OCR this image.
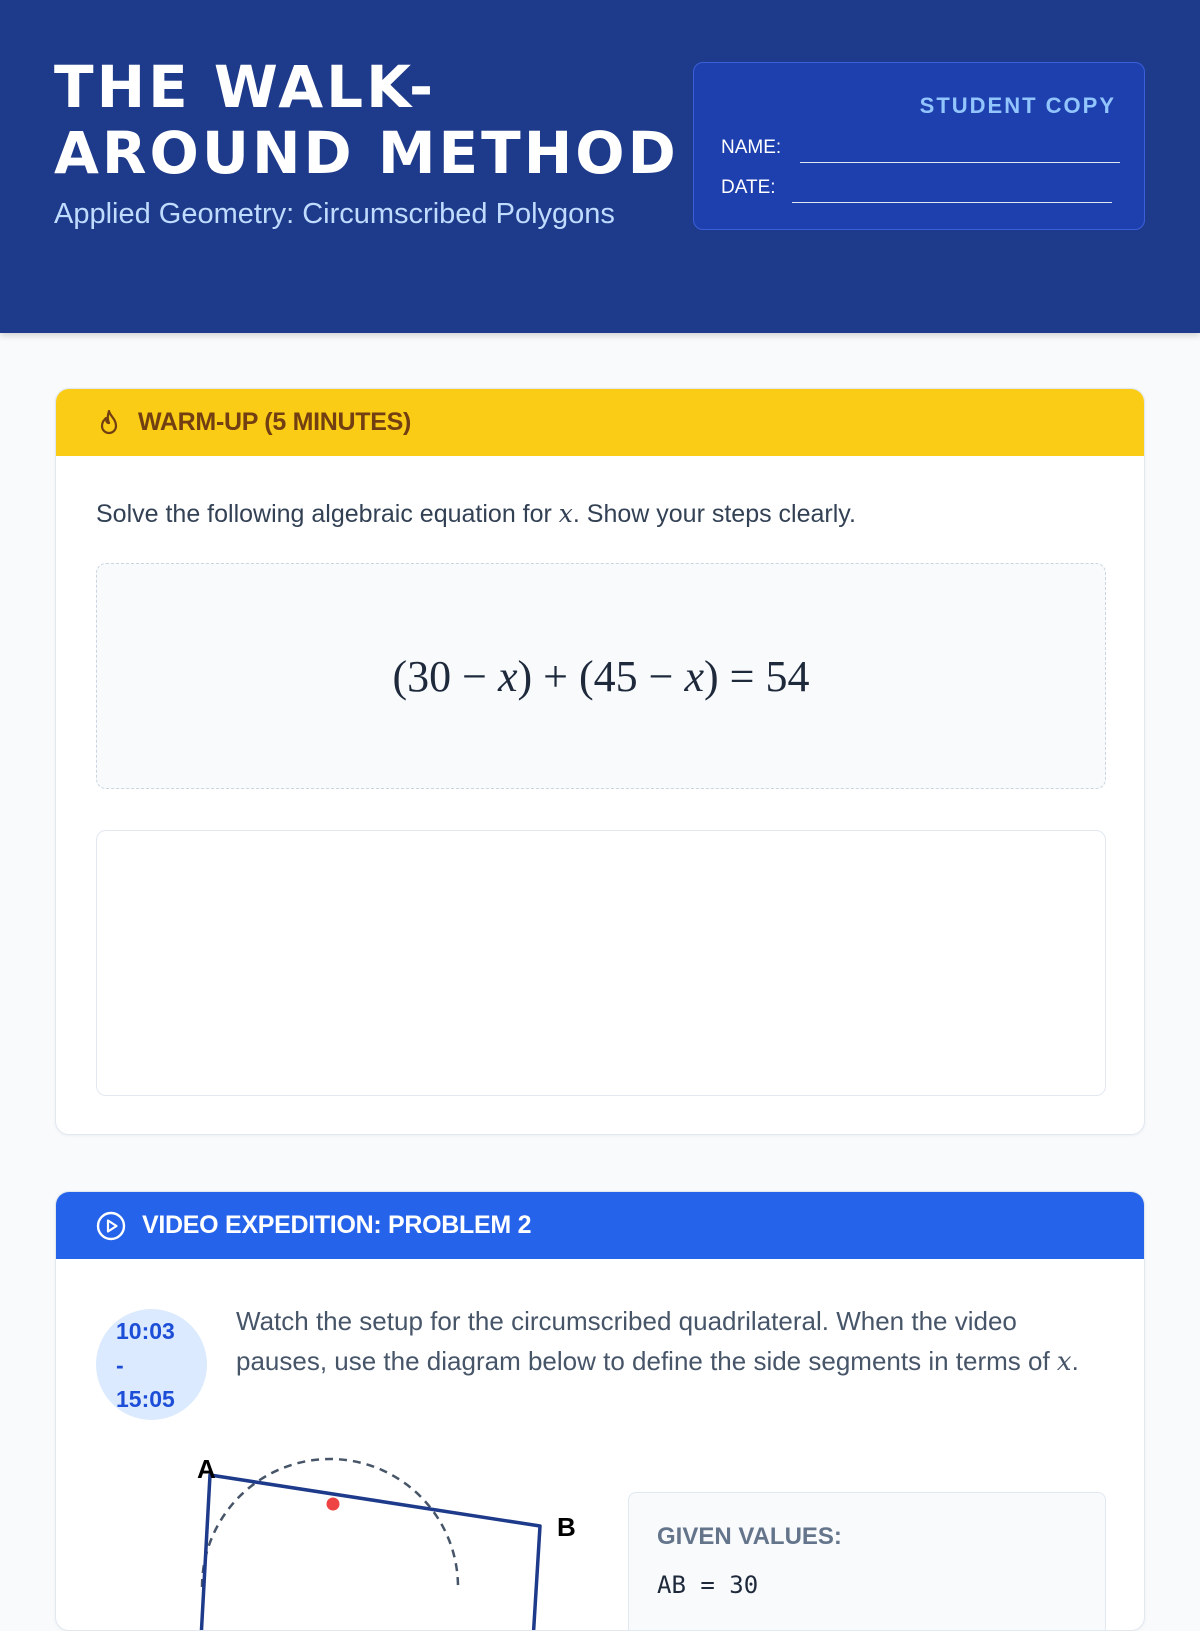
THE WALK-
AROUND METHOD

Applied Geometry: Circumscribed Polygons

STUDENT COPY
NAME:
DATE:
WARM-UP (5 MINUTES)

Solve the following algebraic equation for x. Show your steps clearly.

(30 − x) + (45 − x) = 54
VIDEO EXPEDITION: PROBLEM 2
10:03
-
15:05

Watch the setup for the circumscribed quadrilateral. When the video pauses, use the diagram below to define the side segments in terms of x.

A
B	GIVEN VALUES:
AB = 30
